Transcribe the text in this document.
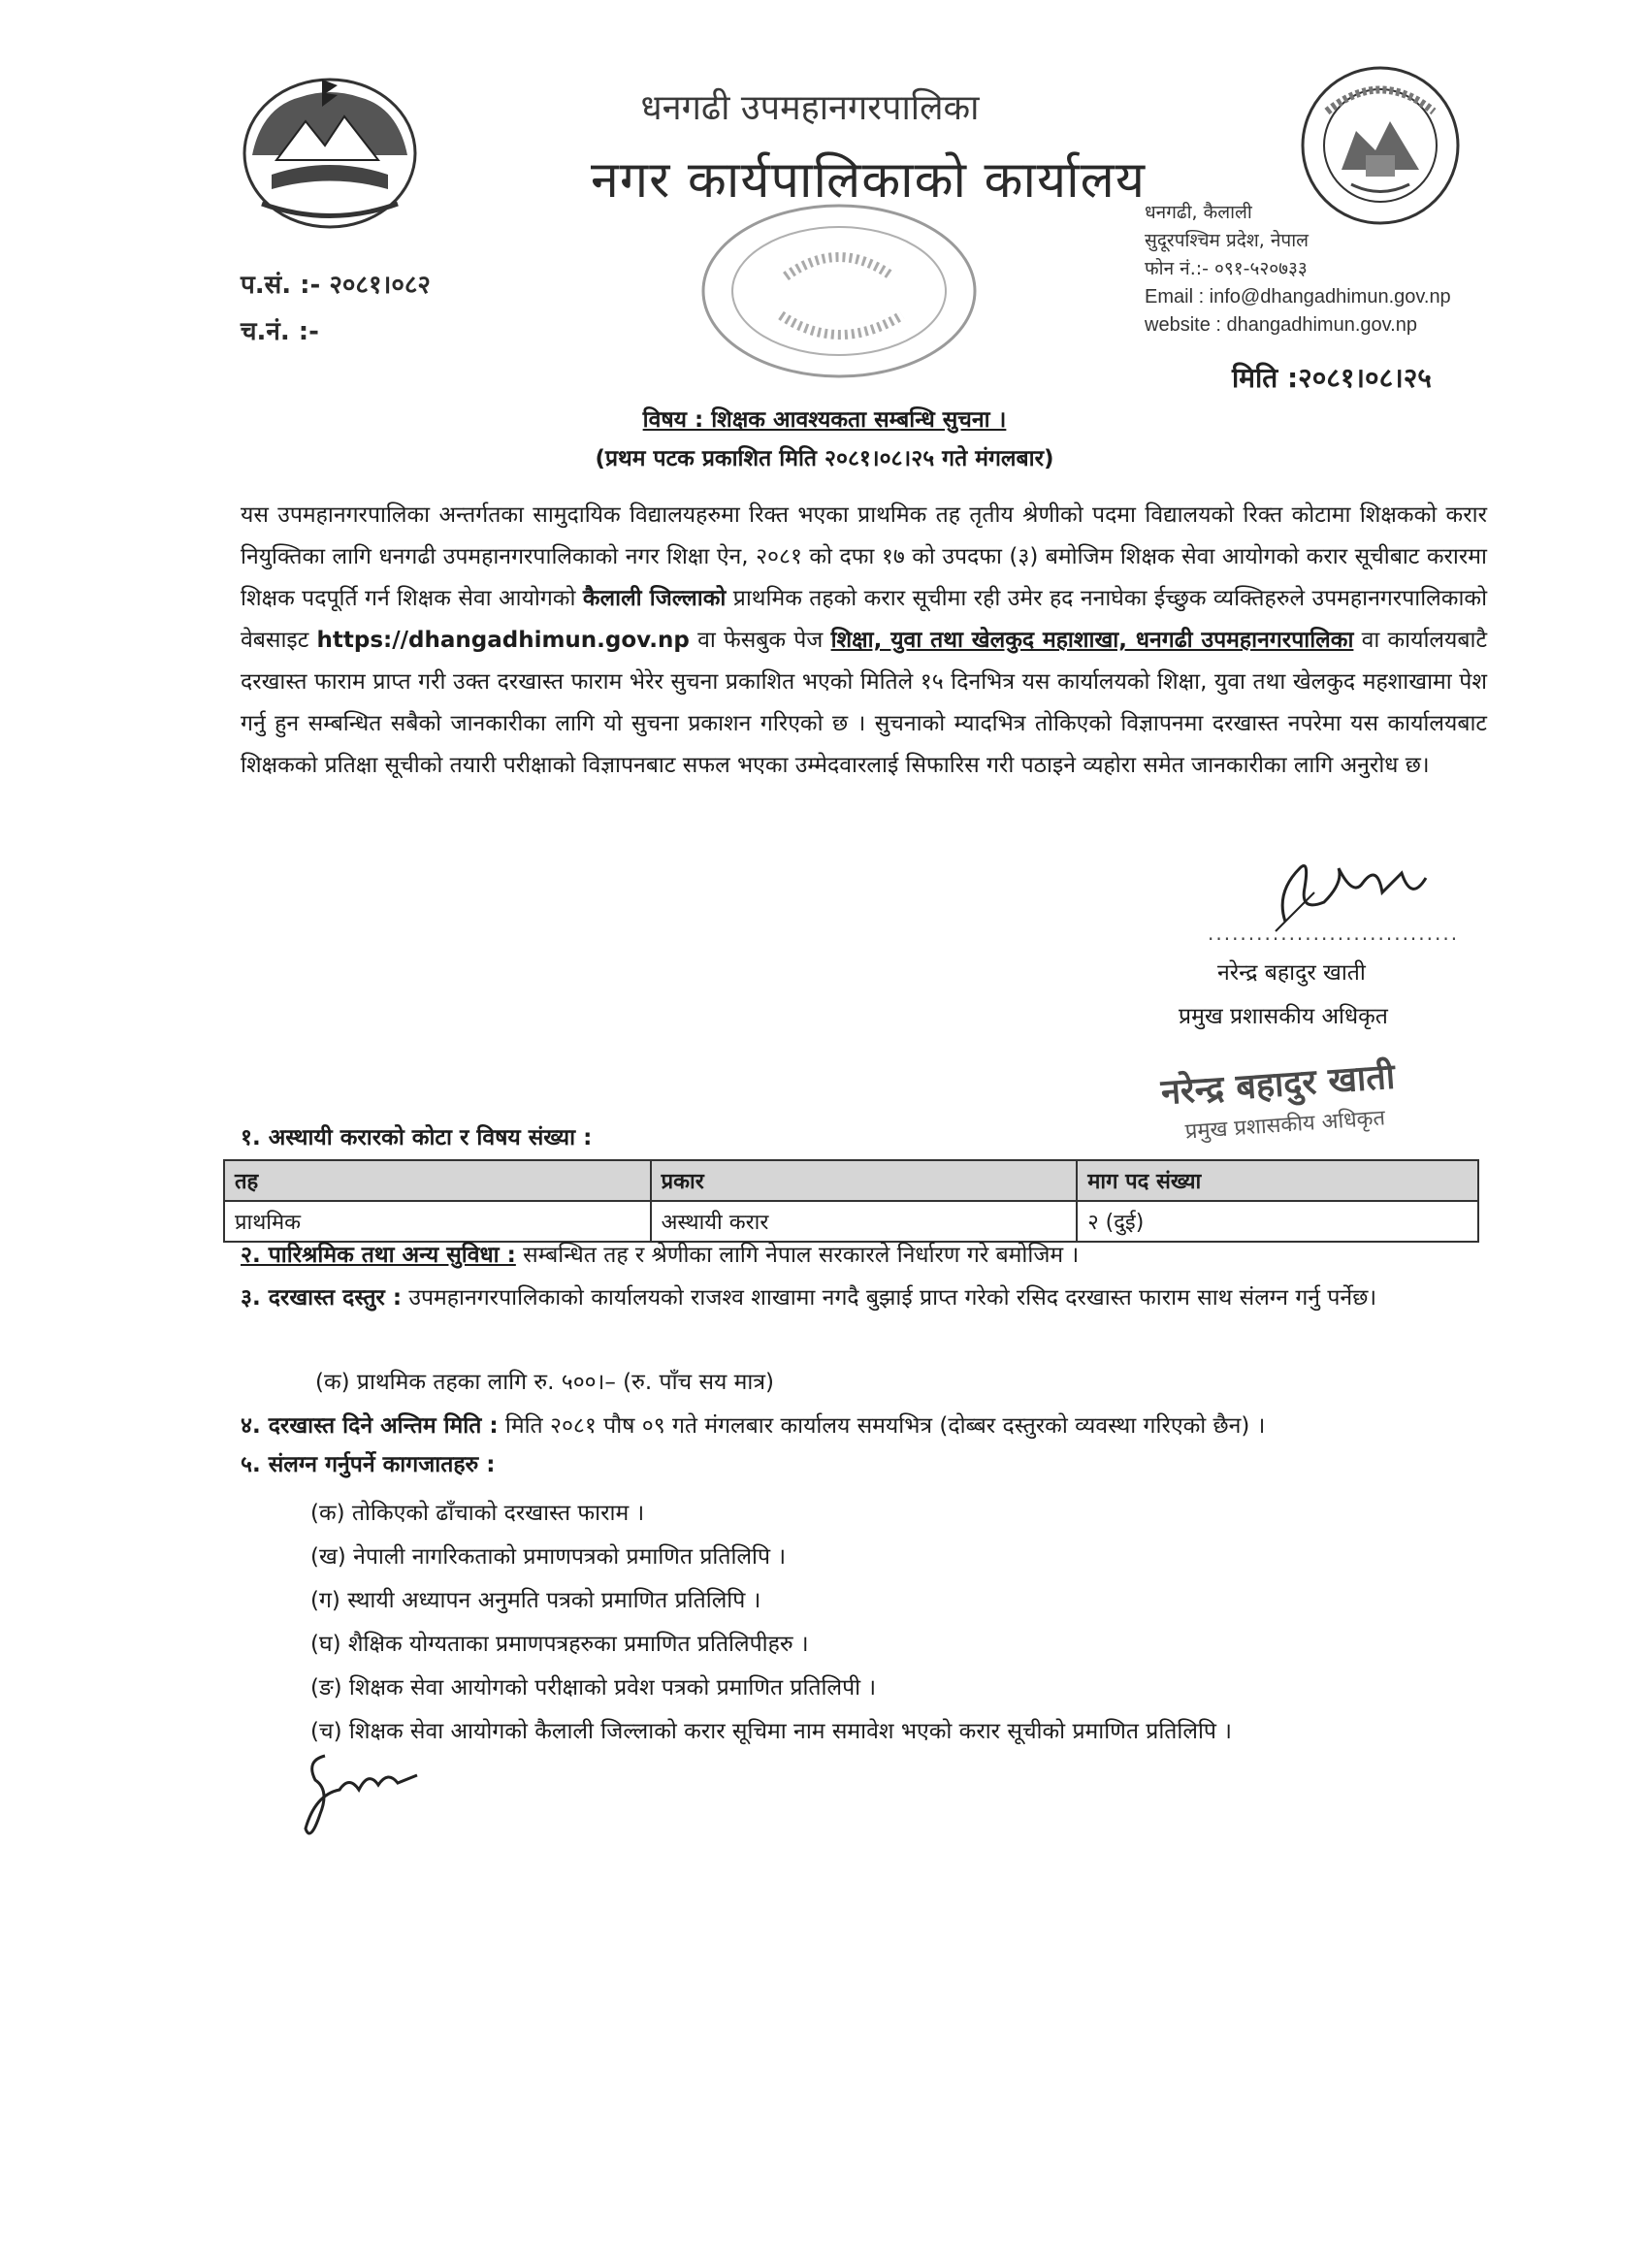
धनगढी उपमहानगरपालिका
नगर कार्यपालिकाको कार्यालय
धनगढी, कैलाली
सुदूरपश्चिम प्रदेश, नेपाल
फोन नं.:- ०९१-५२०७३३
Email : info@dhangadhimun.gov.np
website : dhangadhimun.gov.np
प.सं. :- २०८१।०८२
च.नं. :-
मिति :२०८१।०८।२५
विषय : शिक्षक आवश्यकता सम्बन्धि सुचना ।
(प्रथम पटक प्रकाशित मिति २०८१।०८।२५ गते मंगलबार)
यस उपमहानगरपालिका अन्तर्गतका सामुदायिक विद्यालयहरुमा रिक्त भएका प्राथमिक तह तृतीय श्रेणीको पदमा विद्यालयको रिक्त कोटामा शिक्षकको करार नियुक्तिका लागि धनगढी उपमहानगरपालिकाको नगर शिक्षा ऐन, २०८१ को दफा १७ को उपदफा (३) बमोजिम शिक्षक सेवा आयोगको करार सूचीबाट करारमा शिक्षक पदपूर्ति गर्न शिक्षक सेवा आयोगको कैलाली जिल्लाको प्राथमिक तहको करार सूचीमा रही उमेर हद ननाघेका ईच्छुक व्यक्तिहरुले उपमहानगरपालिकाको वेबसाइट https://dhangadhimun.gov.np वा फेसबुक पेज शिक्षा, युवा तथा खेलकुद महाशाखा, धनगढी उपमहानगरपालिका वा कार्यालयबाटै दरखास्त फाराम प्राप्त गरी उक्त दरखास्त फाराम भेरेर सुचना प्रकाशित भएको मितिले १५ दिनभित्र यस कार्यालयको शिक्षा, युवा तथा खेलकुद महशाखामा पेश गर्नु हुन सम्बन्धित सबैको जानकारीका लागि यो सुचना प्रकाशन गरिएको छ । सुचनाको म्यादभित्र तोकिएको विज्ञापनमा दरखास्त नपरेमा यस कार्यालयबाट शिक्षकको प्रतिक्षा सूचीको तयारी परीक्षाको विज्ञापनबाट सफल भएका उम्मेदवारलाई सिफारिस गरी पठाइने व्यहोरा समेत जानकारीका लागि अनुरोध छ।
...............................
नरेन्द्र बहादुर खाती
प्रमुख प्रशासकीय अधिकृत
नरेन्द्र बहादुर खाती
प्रमुख प्रशासकीय अधिकृत
१. अस्थायी करारको कोटा र विषय संख्या :
तह	प्रकार	माग पद संख्या
प्राथमिक	अस्थायी करार	२ (दुई)
२. पारिश्रमिक तथा अन्य सुविधा : सम्बन्धित तह र श्रेणीका लागि नेपाल सरकारले निर्धारण गरे बमोजिम ।
३. दरखास्त दस्तुर : उपमहानगरपालिकाको कार्यालयको राजश्व शाखामा नगदै बुझाई प्राप्त गरेको रसिद दरखास्त फाराम साथ संलग्न गर्नु पर्नेछ।
(क) प्राथमिक तहका लागि रु. ५००।– (रु. पाँच सय मात्र)
४. दरखास्त दिने अन्तिम मिति : मिति २०८१ पौष ०९ गते मंगलबार कार्यालय समयभित्र (दोब्बर दस्तुरको व्यवस्था गरिएको छैन) ।
५. संलग्न गर्नुपर्ने कागजातहरु :
(क) तोकिएको ढाँचाको दरखास्त फाराम ।
(ख) नेपाली नागरिकताको प्रमाणपत्रको प्रमाणित प्रतिलिपि ।
(ग) स्थायी अध्यापन अनुमति पत्रको प्रमाणित प्रतिलिपि ।
(घ) शैक्षिक योग्यताका प्रमाणपत्रहरुका प्रमाणित प्रतिलिपीहरु ।
(ङ) शिक्षक सेवा आयोगको परीक्षाको प्रवेश पत्रको प्रमाणित प्रतिलिपी ।
(च) शिक्षक सेवा आयोगको कैलाली जिल्लाको करार सूचिमा नाम समावेश भएको करार सूचीको प्रमाणित प्रतिलिपि ।
